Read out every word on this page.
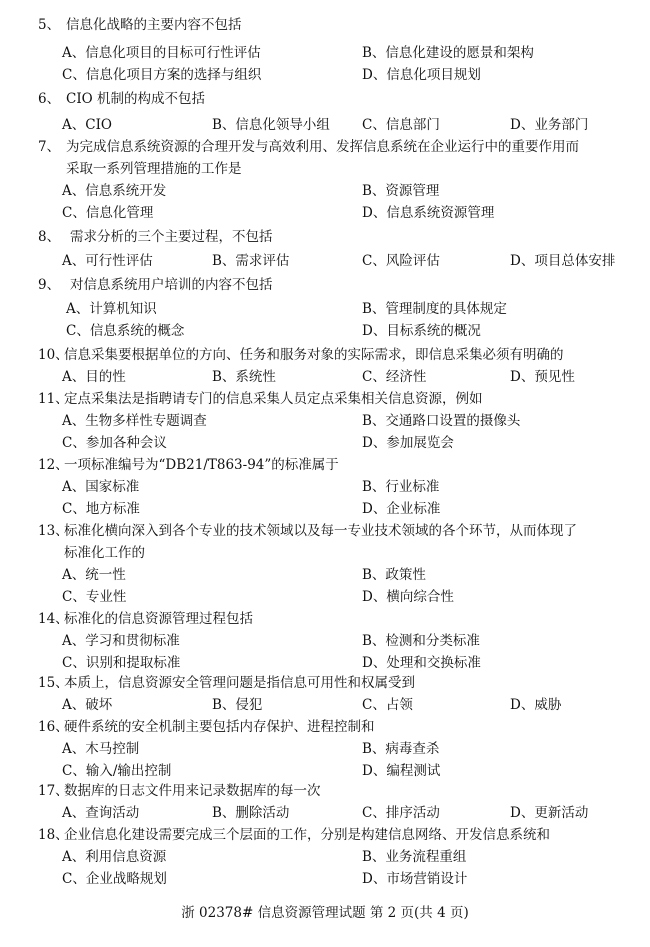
5、 信息化战略的主要内容不包括
A、信息化项目的目标可行性评估	B、信息化建设的愿景和架构
C、信息化项目方案的选择与组织	D、信息化项目规划
6、 CIO 机制的构成不包括
A、CIO	B、信息化领导小组 C、信息部门	D、业务部门
7、 为完成信息系统资源的合理开发与高效利用、发挥信息系统在企业运行中的重要作用而
采取一系列管理措施的工作是
A、信息系统开发	B、资源管理
C、信息化管理	D、信息系统资源管理
8、 需求分析的三个主要过程，不包括
A、可行性评估	B、需求评估	C、风险评估	D、项目总体安排
9、 对信息系统用户培训的内容不包括
A、计算机知识	B、管理制度的具体规定
C、信息系统的概念	D、目标系统的概况
10、信息采集要根据单位的方向、任务和服务对象的实际需求，即信息采集必须有明确的
A、目的性	B、系统性	C、经济性	D、预见性
11、定点采集法是指聘请专门的信息采集人员定点采集相关信息资源，例如
A、生物多样性专题调查	B、交通路口设置的摄像头
C、参加各种会议	D、参加展览会
12、一项标准编号为“DB21/T863-94”的标准属于
A、国家标准	B、行业标准
C、地方标准	D、企业标准
13、标准化横向深入到各个专业的技术领域以及每一专业技术领域的各个环节，从而体现了
标准化工作的
A、统一性	B、政策性
C、专业性	D、横向综合性
14、标准化的信息资源管理过程包括
A、学习和贯彻标准	B、检测和分类标准
C、识别和提取标准	D、处理和交换标准
15、本质上，信息资源安全管理问题是指信息可用性和权属受到
A、破坏	B、侵犯	C、占领	D、威胁
16、硬件系统的安全机制主要包括内存保护、进程控制和
A、木马控制	B、病毒查杀
C、输入/输出控制	D、编程测试
17、数据库的日志文件用来记录数据库的每一次
A、查询活动	B、删除活动	C、排序活动	D、更新活动
18、企业信息化建设需要完成三个层面的工作，分别是构建信息网络、开发信息系统和
A、利用信息资源	B、业务流程重组
C、企业战略规划	D、市场营销设计
浙 02378# 信息资源管理试题 第 2 页(共 4 页)
